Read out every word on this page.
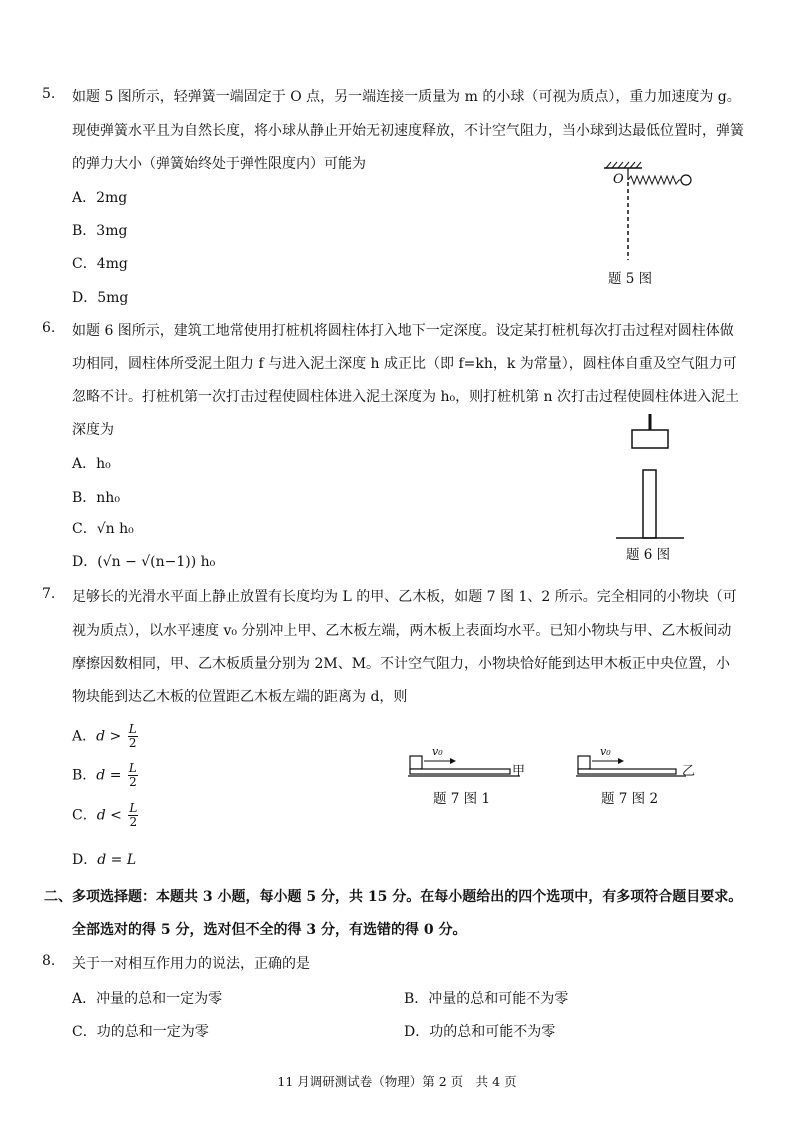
5. 如题 5 图所示，轻弹簧一端固定于 O 点，另一端连接一质量为 m 的小球（可视为质点），重力加速度为 g。
现使弹簧水平且为自然长度，将小球从静止开始无初速度释放，不计空气阻力，当小球到达最低位置时，弹簧
的弹力大小（弹簧始终处于弹性限度内）可能为
A．2mg
B．3mg
C．4mg
D．5mg
O
题 5 图
6. 如题 6 图所示，建筑工地常使用打桩机将圆柱体打入地下一定深度。设定某打桩机每次打击过程对圆柱体做
功相同，圆柱体所受泥土阻力 f 与进入泥土深度 h 成正比（即 f=kh，k 为常量），圆柱体自重及空气阻力可
忽略不计。打桩机第一次打击过程使圆柱体进入泥土深度为 h₀，则打桩机第 n 次打击过程使圆柱体进入泥土
深度为
A．h₀
B．nh₀
C．√n h₀
D．(√n − √(n−1)) h₀	题 6 图
7. 足够长的光滑水平面上静止放置有长度均为 L 的甲、乙木板，如题 7 图 1、2 所示。完全相同的小物块（可
视为质点），以水平速度 v₀ 分别冲上甲、乙木板左端，两木板上表面均水平。已知小物块与甲、乙木板间动
摩擦因数相同，甲、乙木板质量分别为 2M、M。不计空气阻力，小物块恰好能到达甲木板正中央位置，小
物块能到达乙木板的位置距乙木板左端的距离为 d，则
A．$d > \frac{L}{2}$
B．$d = \frac{L}{2}$
C．$d < \frac{L}{2}$
D．d = L
v₀
甲
题 7 图 1
v₀
乙
题 7 图 2
二、多项选择题：本题共 3 小题，每小题 5 分，共 15 分。在每小题给出的四个选项中，有多项符合题目要求。
全部选对的得 5 分，选对但不全的得 3 分，有选错的得 0 分。
8. 关于一对相互作用力的说法，正确的是
A．冲量的总和一定为零	B．冲量的总和可能不为零
C．功的总和一定为零	D．功的总和可能不为零
11 月调研测试卷（物理）第 2 页　共 4 页
